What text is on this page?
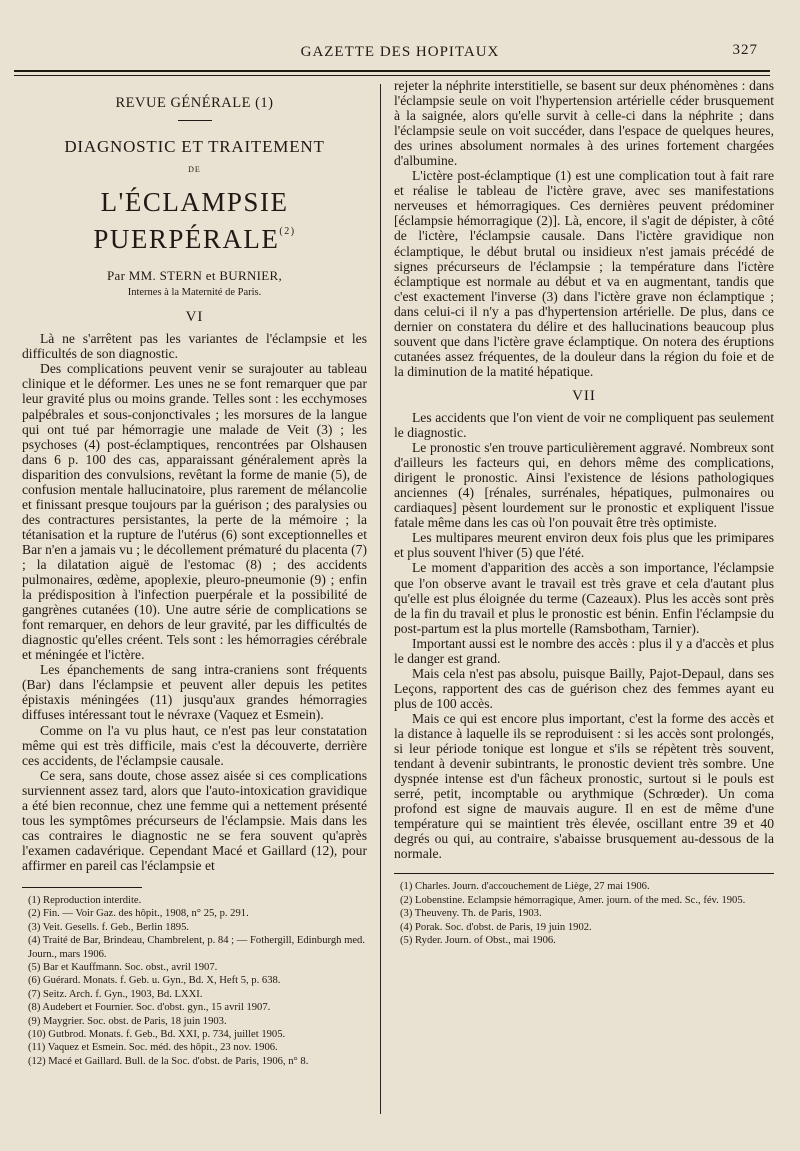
GAZETTE DES HOPITAUX	327

REVUE GÉNÉRALE (1)

DIAGNOSTIC ET TRAITEMENT

DE

L'ÉCLAMPSIE PUERPÉRALE$^{(2)}$

Par MM. STERN et BURNIER,

Internes à la Maternité de Paris.

VI

Là ne s'arrêtent pas les variantes de l'éclampsie et les difficultés de son diagnostic.

Des complications peuvent venir se surajouter au tableau clinique et le déformer. Les unes ne se font remarquer que par leur gravité plus ou moins grande. Telles sont : les ecchymoses palpébrales et sous-conjonctivales ; les morsures de la langue qui ont tué par hémorragie une malade de Veit (3) ; les psychoses (4) post-éclamptiques, rencontrées par Olshausen dans 6 p. 100 des cas, apparaissant généralement après la disparition des convulsions, revêtant la forme de manie (5), de confusion mentale hallucinatoire, plus rarement de mélancolie et finissant presque toujours par la guérison ; des paralysies ou des contractures persistantes, la perte de la mémoire ; la tétanisation et la rupture de l'utérus (6) sont exceptionnelles et Bar n'en a jamais vu ; le décollement prématuré du placenta (7) ; la dilatation aiguë de l'estomac (8) ; des accidents pulmonaires, œdème, apoplexie, pleuro-pneumonie (9) ; enfin la prédisposition à l'infection puerpérale et la possibilité de gangrènes cutanées (10). Une autre série de complications se font remarquer, en dehors de leur gravité, par les difficultés de diagnostic qu'elles créent. Tels sont : les hémorragies cérébrale et méningée et l'ictère.

Les épanchements de sang intra-craniens sont fréquents (Bar) dans l'éclampsie et peuvent aller depuis les petites épistaxis méningées (11) jusqu'aux grandes hémorragies diffuses intéressant tout le névraxe (Vaquez et Esmein).

Comme on l'a vu plus haut, ce n'est pas leur constatation même qui est très difficile, mais c'est la découverte, derrière ces accidents, de l'éclampsie causale.

Ce sera, sans doute, chose assez aisée si ces complications surviennent assez tard, alors que l'auto-intoxication gravidique a été bien reconnue, chez une femme qui a nettement présenté tous les symptômes précurseurs de l'éclampsie. Mais dans les cas contraires le diagnostic ne se fera souvent qu'après l'examen cadavérique. Cependant Macé et Gaillard (12), pour affirmer en pareil cas l'éclampsie et

(1) Reproduction interdite.

(2) Fin. — Voir Gaz. des hôpit., 1908, n° 25, p. 291.

(3) Veit. Gesells. f. Geb., Berlin 1895.

(4) Traité de Bar, Brindeau, Chambrelent, p. 84 ; — Fothergill, Edinburgh med. Journ., mars 1906.

(5) Bar et Kauffmann. Soc. obst., avril 1907.

(6) Guérard. Monats. f. Geb. u. Gyn., Bd. X, Heft 5, p. 638.

(7) Seitz. Arch. f. Gyn., 1903, Bd. LXXI.

(8) Audebert et Fournier. Soc. d'obst. gyn., 15 avril 1907.

(9) Maygrier. Soc. obst. de Paris, 18 juin 1903.

(10) Gutbrod. Monats. f. Geb., Bd. XXI, p. 734, juillet 1905.

(11) Vaquez et Esmein. Soc. méd. des hôpit., 23 nov. 1906.

(12) Macé et Gaillard. Bull. de la Soc. d'obst. de Paris, 1906, n° 8.

rejeter la néphrite interstitielle, se basent sur deux phénomènes : dans l'éclampsie seule on voit l'hypertension artérielle céder brusquement à la saignée, alors qu'elle survit à celle-ci dans la néphrite ; dans l'éclampsie seule on voit succéder, dans l'espace de quelques heures, des urines absolument normales à des urines fortement chargées d'albumine.

L'ictère post-éclamptique (1) est une complication tout à fait rare et réalise le tableau de l'ictère grave, avec ses manifestations nerveuses et hémorragiques. Ces dernières peuvent prédominer [éclampsie hémorragique (2)]. Là, encore, il s'agit de dépister, à côté de l'ictère, l'éclampsie causale. Dans l'ictère gravidique non éclamptique, le début brutal ou insidieux n'est jamais précédé de signes précurseurs de l'éclampsie ; la température dans l'ictère éclamptique est normale au début et va en augmentant, tandis que c'est exactement l'inverse (3) dans l'ictère grave non éclamptique ; dans celui-ci il n'y a pas d'hypertension artérielle. De plus, dans ce dernier on constatera du délire et des hallucinations beaucoup plus souvent que dans l'ictère grave éclamptique. On notera des éruptions cutanées assez fréquentes, de la douleur dans la région du foie et de la diminution de la matité hépatique.

VII

Les accidents que l'on vient de voir ne compliquent pas seulement le diagnostic.

Le pronostic s'en trouve particulièrement aggravé. Nombreux sont d'ailleurs les facteurs qui, en dehors même des complications, dirigent le pronostic. Ainsi l'existence de lésions pathologiques anciennes (4) [rénales, surrénales, hépatiques, pulmonaires ou cardiaques] pèsent lourdement sur le pronostic et expliquent l'issue fatale même dans les cas où l'on pouvait être très optimiste.

Les multipares meurent environ deux fois plus que les primipares et plus souvent l'hiver (5) que l'été.

Le moment d'apparition des accès a son importance, l'éclampsie que l'on observe avant le travail est très grave et cela d'autant plus qu'elle est plus éloignée du terme (Cazeaux). Plus les accès sont près de la fin du travail et plus le pronostic est bénin. Enfin l'éclampsie du post-partum est la plus mortelle (Ramsbotham, Tarnier).

Important aussi est le nombre des accès : plus il y a d'accès et plus le danger est grand.

Mais cela n'est pas absolu, puisque Bailly, Pajot-Depaul, dans ses Leçons, rapportent des cas de guérison chez des femmes ayant eu plus de 100 accès.

Mais ce qui est encore plus important, c'est la forme des accès et la distance à laquelle ils se reproduisent : si les accès sont prolongés, si leur période tonique est longue et s'ils se répètent très souvent, tendant à devenir subintrants, le pronostic devient très sombre. Une dyspnée intense est d'un fâcheux pronostic, surtout si le pouls est serré, petit, incomptable ou arythmique (Schrœder). Un coma profond est signe de mauvais augure. Il en est de même d'une température qui se maintient très élevée, oscillant entre 39 et 40 degrés ou qui, au contraire, s'abaisse brusquement au-dessous de la normale.

(1) Charles. Journ. d'accouchement de Liège, 27 mai 1906.

(2) Lobenstine. Eclampsie hémorragique, Amer. journ. of the med. Sc., fév. 1905.

(3) Theuveny. Th. de Paris, 1903.

(4) Porak. Soc. d'obst. de Paris, 19 juin 1902.

(5) Ryder. Journ. of Obst., mai 1906.
